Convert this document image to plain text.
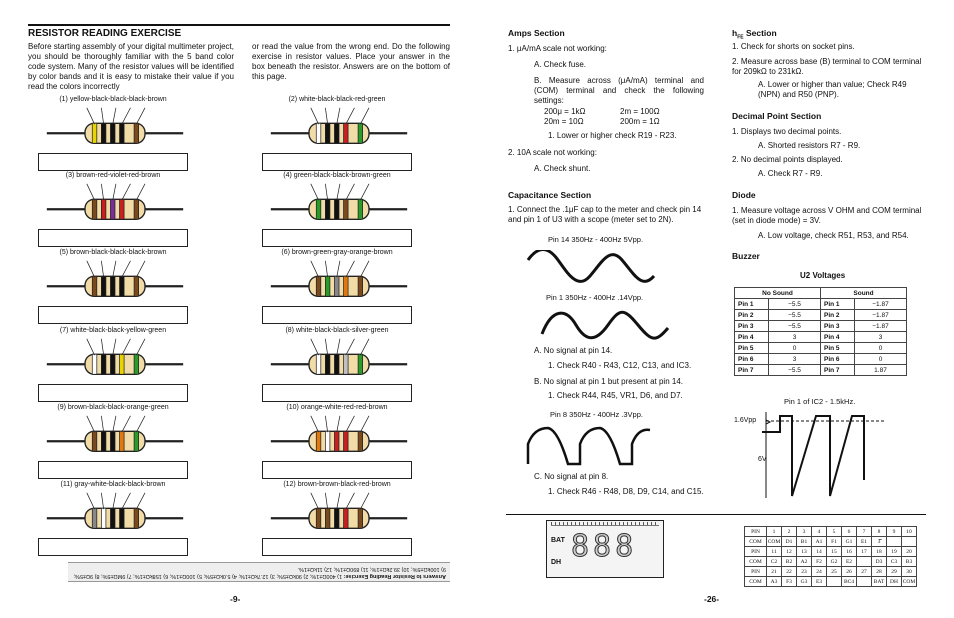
RESISTOR READING EXERCISE
Before starting assembly of your digital multimeter project, you should be thoroughly familiar with the 5 band color code system. Many of the resistor values will be identified by color bands and it is easy to mistake their value if you read the colors incorrectly
or read the value from the wrong end. Do the following exercise in resistor values. Place your answer in the box beneath the resistor. Answers are on the bottom of this page.
(1) yellow-black-black-black-brown	(2) white-black-black-red-green
(3) brown-red-violet-red-brown	(4) green-black-black-brown-green
(5) brown-black-black-black-brown	(6) brown-green-gray-orange-brown
(7) white-black-black-yellow-green	(8) white-black-black-silver-green
(9) brown-black-black-orange-green	(10) orange-white-red-red-brown
(11) gray-white-black-black-brown	(12) brown-brown-black-red-brown
Answers to Resistor Reading Exercise: 1) 400Ω±1%; 2) 90kΩ±5%; 3) 12.7kΩ±1%; 4) 5.0kΩ±5%; 5) 100Ω±1%; 6) 158kΩ±1%; 7) 9MΩ±5%; 8) 9Ω±5%; 9) 100kΩ±5%; 10) 39.2kΩ±1%; 11) 890Ω±1%; 12) 11kΩ±1%.
-9-
Amps Section
1. μA/mA scale not working:
A. Check fuse.
B. Measure across (μA/mA) terminal and (COM) terminal and check the following settings:
200μ = 1kΩ	2m = 100Ω
20m = 10Ω	200m = 1Ω
1. Lower or higher check R19 - R23.
2. 10A scale not working:
A. Check shunt.
Capacitance Section
1. Connect the .1μF cap to the meter and check pin 14 and pin 1 of U3 with a scope (meter set to 2N).
Pin 14 350Hz - 400Hz 5Vpp.
Pin 1 350Hz - 400Hz .14Vpp.
A. No signal at pin 14.
1. Check R40 - R43, C12, C13, and IC3.
B. No signal at pin 1 but present at pin 14.
1. Check R44, R45, VR1, D6, and D7.
Pin 8 350Hz - 400Hz .3Vpp.
C. No signal at pin 8.
1. Check R46 - R48, D8, D9, C14, and C15.
$h_{FE}$ Section
1. Check for shorts on socket pins.
2. Measure across base (B) terminal to COM terminal for 209kΩ to 231kΩ.
A. Lower or higher than value; Check R49 (NPN) and R50 (PNP).
Decimal Point Section
1. Displays two decimal points.
A. Shorted resistors R7 - R9.
2. No decimal points displayed.
A. Check R7 - R9.
Diode
1. Measure voltage across V OHM and COM terminal (set in diode mode) = 3V.
A. Low voltage, check R51, R53, and R54.
Buzzer
U2 Voltages
No Sound		Sound	
Pin 1	−5.5	Pin 1	−1.87
Pin 2	−5.5	Pin 2	−1.87
Pin 3	−5.5	Pin 3	−1.87
Pin 4	3	Pin 4	3
Pin 5	0	Pin 5	0
Pin 6	3	Pin 6	0
Pin 7	−5.5	Pin 7	1.87
Pin 1 of IC2 - 1.5kHz.
1.6Vpp
6V
BAT
DH 888	PIN	1	2	3	4	5	6	7	8	9	10
COM	COM	D1	B1	A1	F1	G1	E1	3̅̂̅		
PIN	11	12	13	14	15	16	17	18	19	20
COM	C2	B2	A2	F2	G2	E2		D3	C3	B3
PIN	21	22	23	24	25	26	27	28	29	30
COM	A3	F3	G3	E3		BC4		BAT	DH	COM
-26-
